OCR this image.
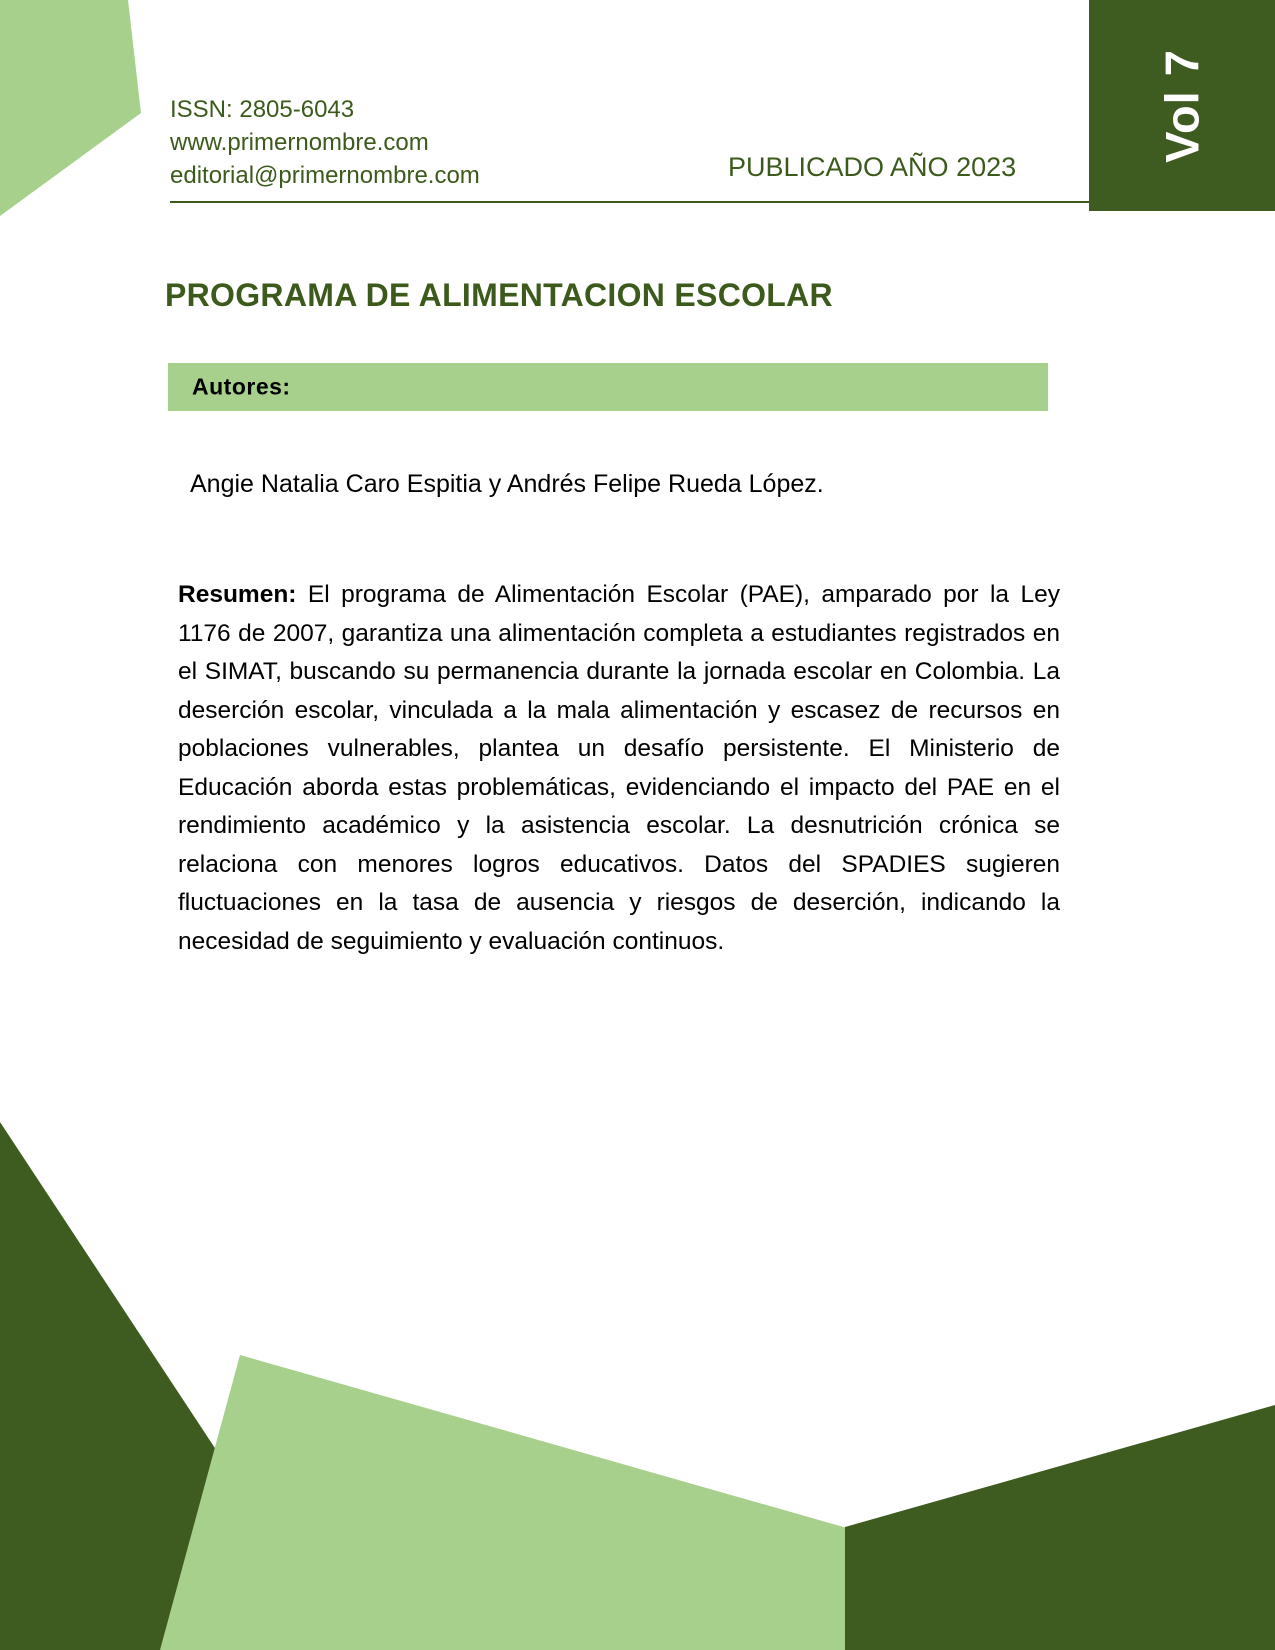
Vol 7
ISSN: 2805-6043
www.primernombre.com
editorial@primernombre.com	PUBLICADO AÑO 2023
PROGRAMA DE ALIMENTACION ESCOLAR
Autores:
Angie Natalia Caro Espitia y Andrés Felipe Rueda López.

Resumen: El programa de Alimentación Escolar (PAE), amparado por la Ley 1176 de 2007, garantiza una alimentación completa a estudiantes registrados en el SIMAT, buscando su permanencia durante la jornada escolar en Colombia. La deserción escolar, vinculada a la mala alimentación y escasez de recursos en poblaciones vulnerables, plantea un desafío persistente. El Ministerio de Educación aborda estas problemáticas, evidenciando el impacto del PAE en el rendimiento académico y la asistencia escolar. La desnutrición crónica se relaciona con menores logros educativos. Datos del SPADIES sugieren fluctuaciones en la tasa de ausencia y riesgos de deserción, indicando la necesidad de seguimiento y evaluación continuos.
